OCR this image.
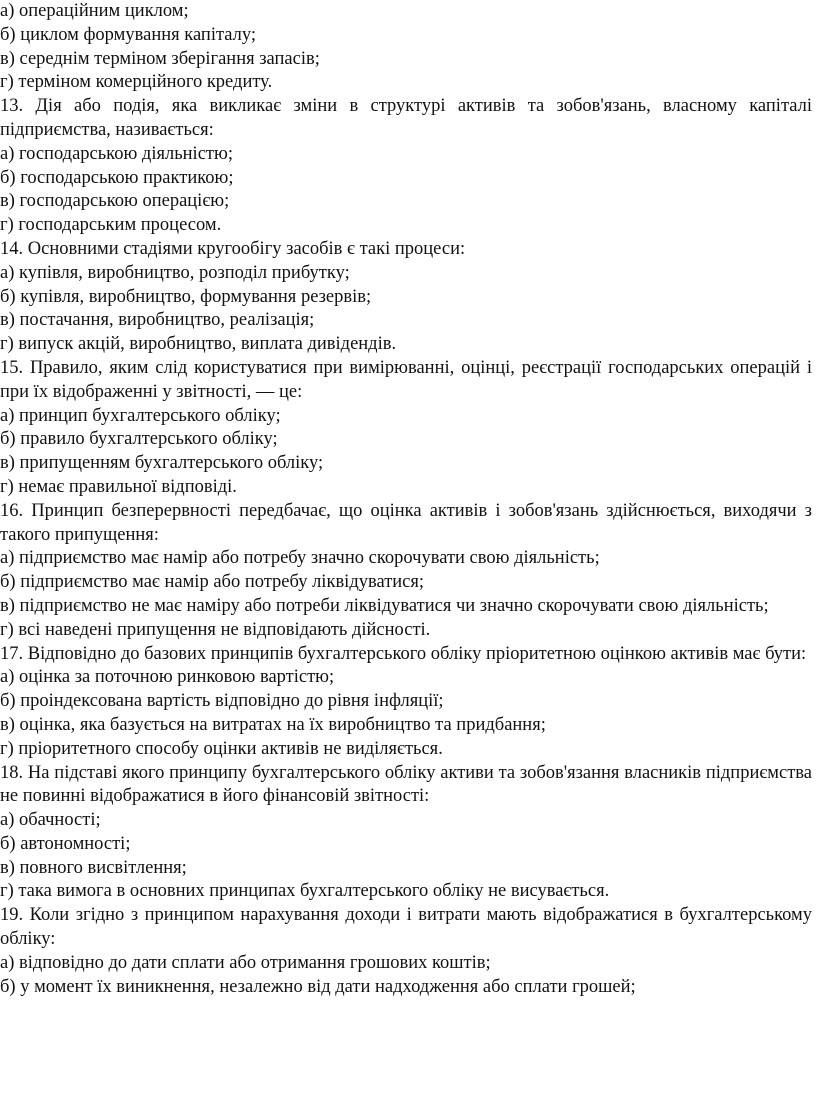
а) операційним циклом;

б) циклом формування капіталу;

в) середнім терміном зберігання запасів;

г) терміном комерційного кредиту.

13. Дія або подія, яка викликає зміни в структурі активів та зобов'язань, власному капіталі підприємства, називається:

а) господарською діяльністю;

б) господарською практикою;

в) господарською операцією;

г) господарським процесом.

14. Основними стадіями кругообігу засобів є такі процеси:

а) купівля, виробництво, розподіл прибутку;

б) купівля, виробництво, формування резервів;

в) постачання, виробництво, реалізація;

г) випуск акцій, виробництво, виплата дивідендів.

15. Правило, яким слід користуватися при вимірюванні, оцінці, реєстрації господарських операцій і при їх відображенні у звітності, — це:

а) принцип бухгалтерського обліку;

б) правило бухгалтерського обліку;

в) припущенням бухгалтерського обліку;

г) немає правильної відповіді.

16. Принцип безперервності передбачає, що оцінка активів і зобов'язань здійснюється, виходячи з такого припущення:

а) підприємство має намір або потребу значно скорочувати свою діяльність;

б) підприємство має намір або потребу ліквідуватися;

в) підприємство не має наміру або потреби ліквідуватися чи значно скорочувати свою діяльність;

г) всі наведені припущення не відповідають дійсності.

17. Відповідно до базових принципів бухгалтерського обліку пріоритетною оцінкою активів має бути:

а) оцінка за поточною ринковою вартістю;

б) проіндексована вартість відповідно до рівня інфляції;

в) оцінка, яка базується на витратах на їх виробництво та придбання;

г) пріоритетного способу оцінки активів не виділяється.

18. На підставі якого принципу бухгалтерського обліку активи та зобов'язання власників підприємства не повинні відображатися в його фінансовій звітності:

а) обачності;

б) автономності;

в) повного висвітлення;

г) така вимога в основних принципах бухгалтерського обліку не висувається.

19. Коли згідно з принципом нарахування доходи і витрати мають відображатися в бухгалтерському обліку:

а) відповідно до дати сплати або отримання грошових коштів;

б) у момент їх виникнення, незалежно від дати надходження або сплати грошей;
